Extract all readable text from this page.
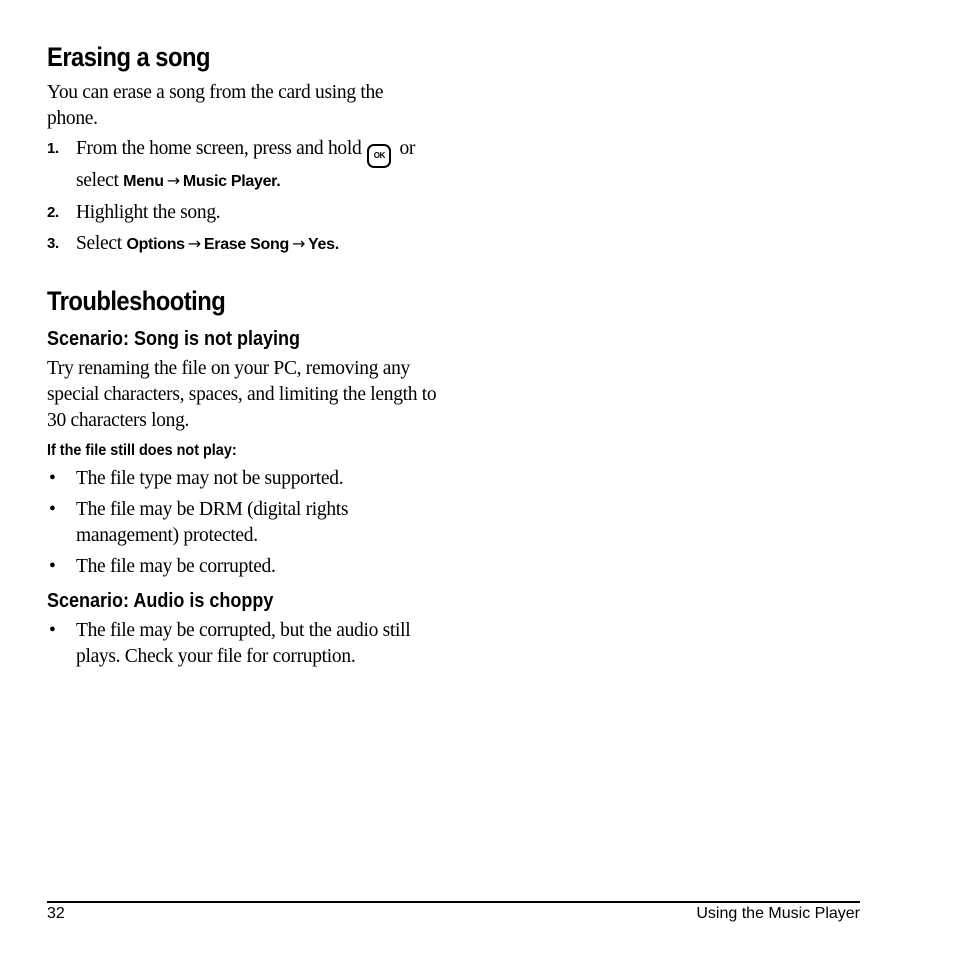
Erasing a song
You can erase a song from the card using the phone.
1. From the home screen, press and hold OK or select Menu → Music Player.
2. Highlight the song.
3. Select Options → Erase Song → Yes.
Troubleshooting
Scenario: Song is not playing
Try renaming the file on your PC, removing any special characters, spaces, and limiting the length to 30 characters long.
If the file still does not play:
• The file type may not be supported.
• The file may be DRM (digital rights management) protected.
• The file may be corrupted.
Scenario: Audio is choppy
• The file may be corrupted, but the audio still plays. Check your file for corruption.
32	Using the Music Player
